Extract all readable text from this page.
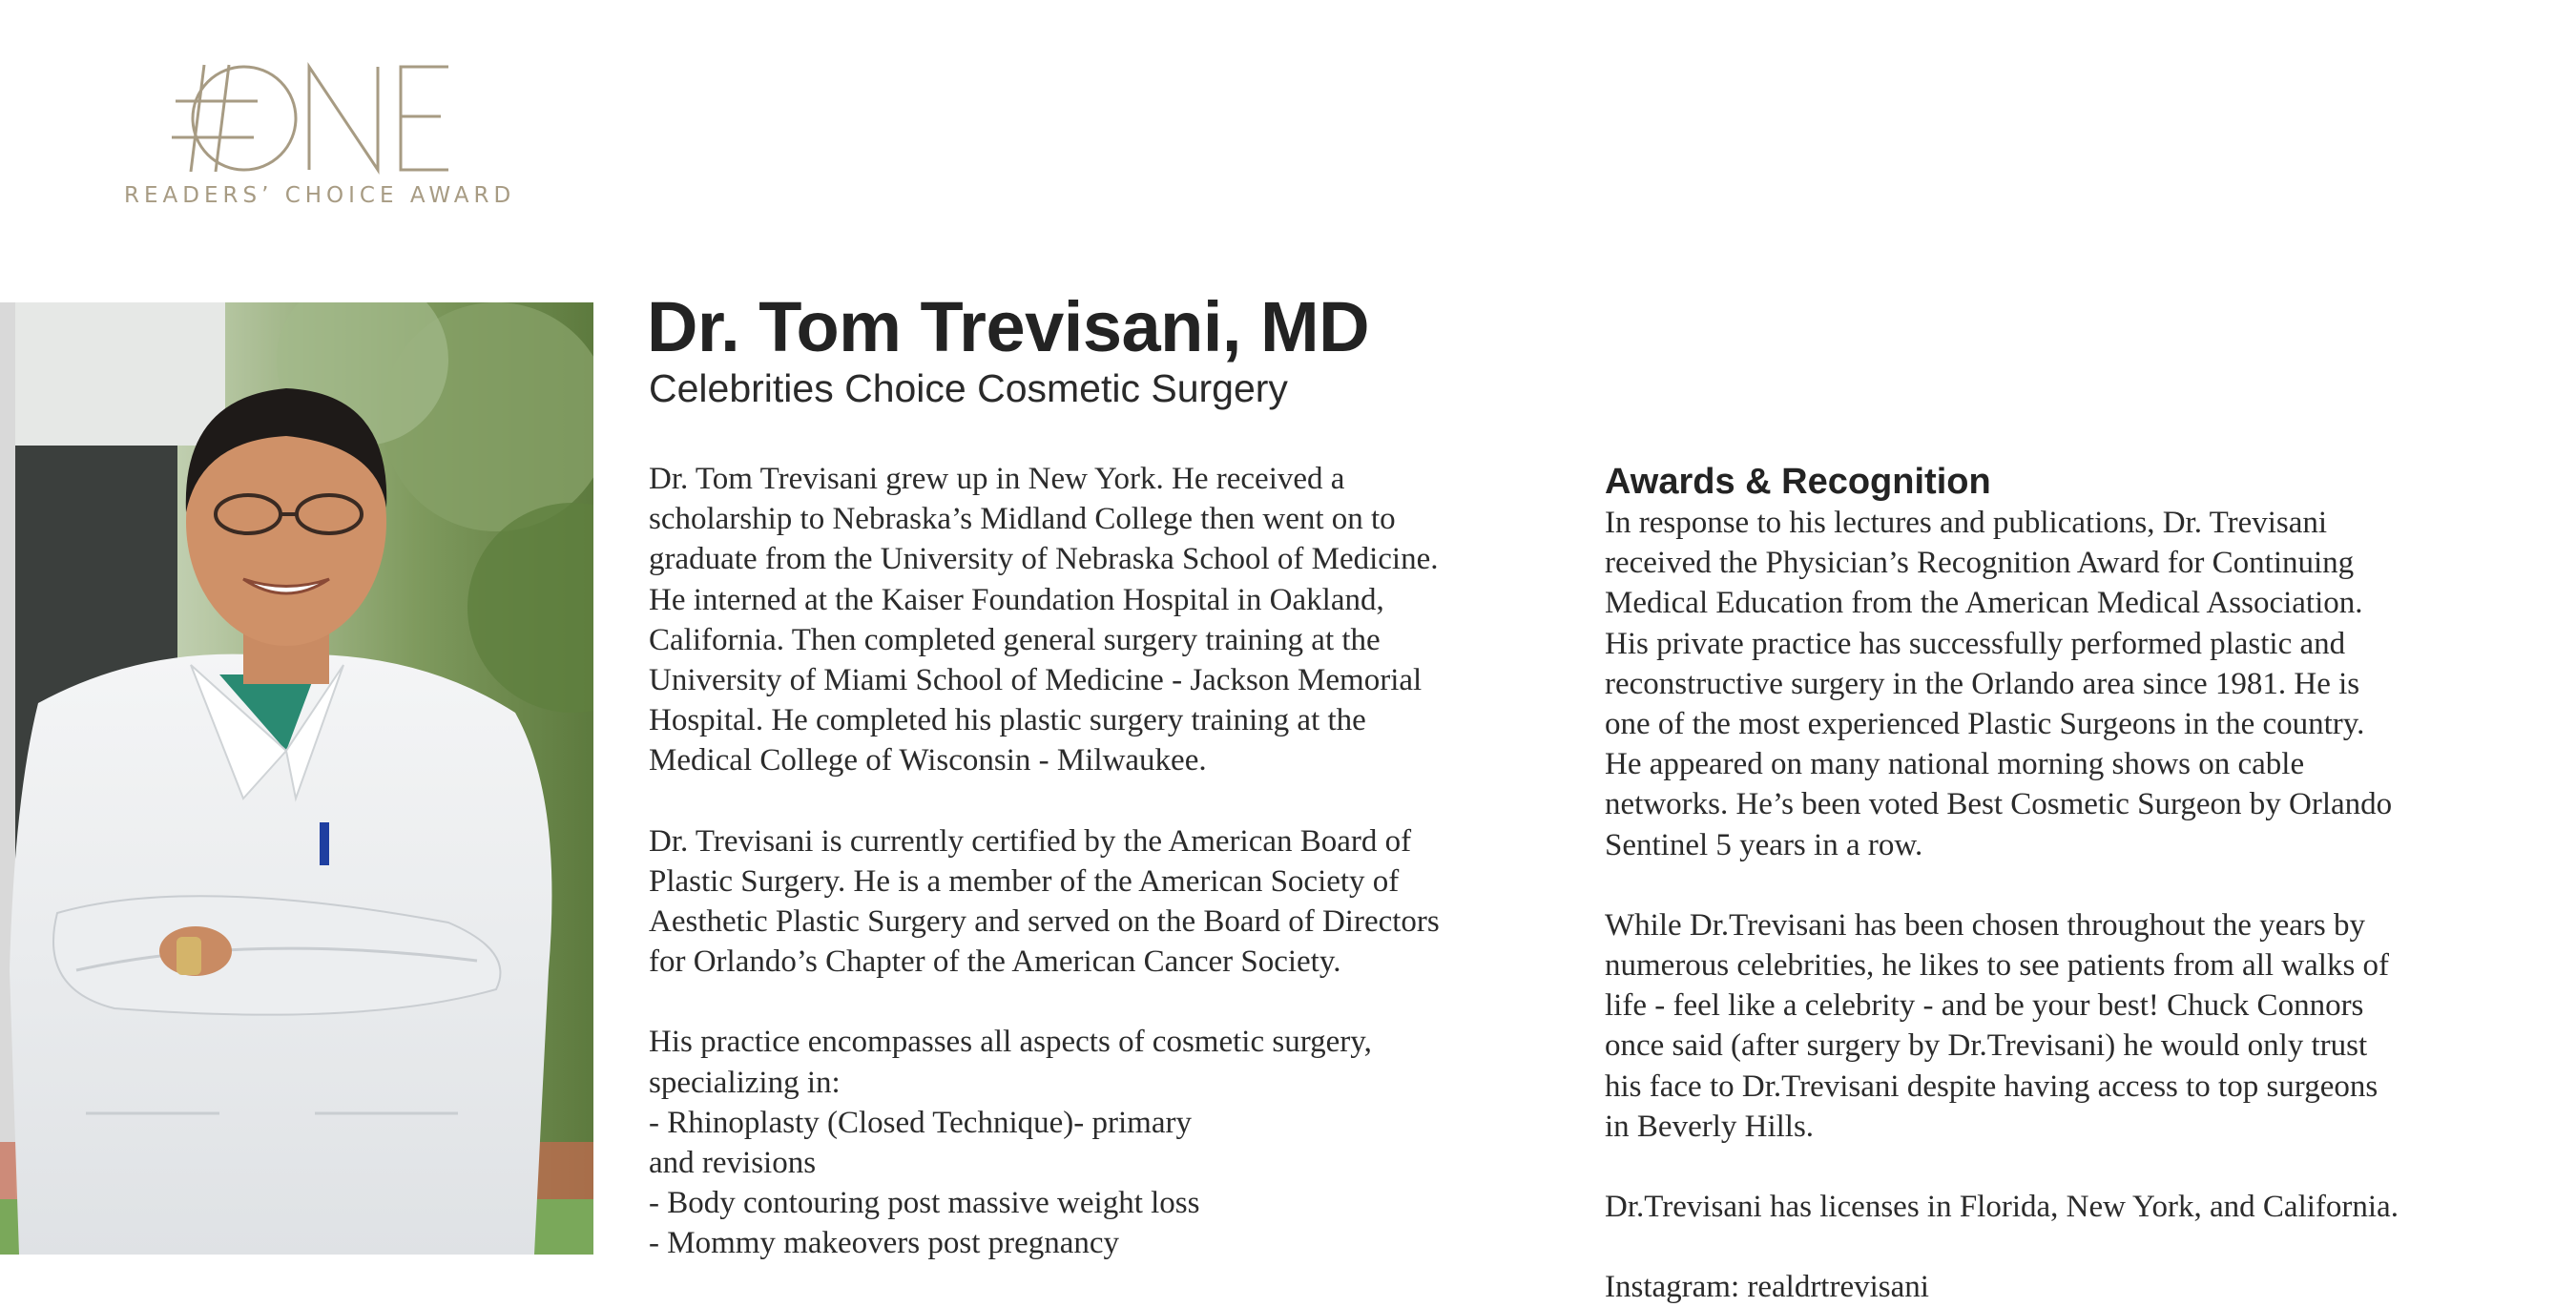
READERS’ CHOICE AWARD
Dr. Tom Trevisani, MD
Celebrities Choice Cosmetic Surgery

Dr. Tom Trevisani grew up in New York. He received a
scholarship to Nebraska’s Midland College then went on to
graduate from the University of Nebraska School of Medicine.
He interned at the Kaiser Foundation Hospital in Oakland,
California. Then completed general surgery training at the
University of Miami School of Medicine - Jackson Memorial
Hospital. He completed his plastic surgery training at the
Medical College of Wisconsin - Milwaukee.

Dr. Trevisani is currently certified by the American Board of
Plastic Surgery. He is a member of the American Society of
Aesthetic Plastic Surgery and served on the Board of Directors
for Orlando’s Chapter of the American Cancer Society.

His practice encompasses all aspects of cosmetic surgery,
specializing in:

- Rhinoplasty (Closed Technique)- primary
and revisions
- Body contouring post massive weight loss
- Mommy makeovers post pregnancy
Awards & Recognition

In response to his lectures and publications, Dr. Trevisani
received the Physician’s Recognition Award for Continuing
Medical Education from the American Medical Association.
His private practice has successfully performed plastic and
reconstructive surgery in the Orlando area since 1981. He is
one of the most experienced Plastic Surgeons in the country.
He appeared on many national morning shows on cable
networks. He’s been voted Best Cosmetic Surgeon by Orlando
Sentinel 5 years in a row.

While Dr.Trevisani has been chosen throughout the years by
numerous celebrities, he likes to see patients from all walks of
life - feel like a celebrity - and be your best! Chuck Connors
once said (after surgery by Dr.Trevisani) he would only trust
his face to Dr.Trevisani despite having access to top surgeons
in Beverly Hills.

Dr.Trevisani has licenses in Florida, New York, and California.

Instagram: realdrtrevisani
